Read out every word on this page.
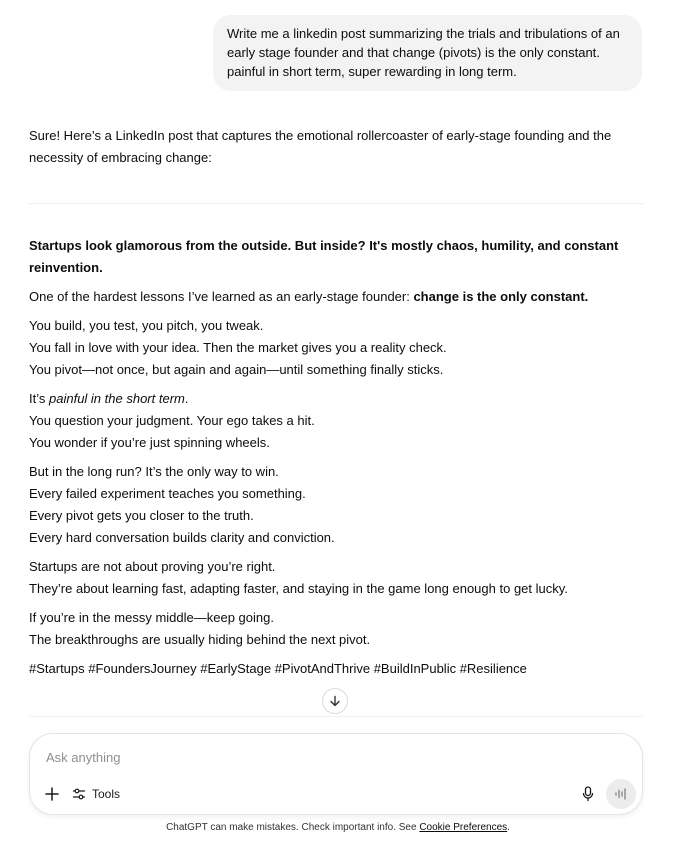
Write me a linkedin post summarizing the trials and tribulations of an
early stage founder and that change (pivots) is the only constant.
painful in short term, super rewarding in long term.
Sure! Here’s a LinkedIn post that captures the emotional rollercoaster of early-stage founding and the
necessity of embracing change:

Startups look glamorous from the outside. But inside? It's mostly chaos, humility, and constant
reinvention.

One of the hardest lessons I’ve learned as an early-stage founder: change is the only constant.

You build, you test, you pitch, you tweak.
You fall in love with your idea. Then the market gives you a reality check.
You pivot—not once, but again and again—until something finally sticks.

It’s painful in the short term.
You question your judgment. Your ego takes a hit.
You wonder if you’re just spinning wheels.

But in the long run? It’s the only way to win.
Every failed experiment teaches you something.
Every pivot gets you closer to the truth.
Every hard conversation builds clarity and conviction.

Startups are not about proving you’re right.
They’re about learning fast, adapting faster, and staying in the game long enough to get lucky.

If you’re in the messy middle—keep going.
The breakthroughs are usually hiding behind the next pivot.

#Startups #FoundersJourney #EarlyStage #PivotAndThrive #BuildInPublic #Resilience

Ask anything
Tools
ChatGPT can make mistakes. Check important info. See Cookie Preferences.
